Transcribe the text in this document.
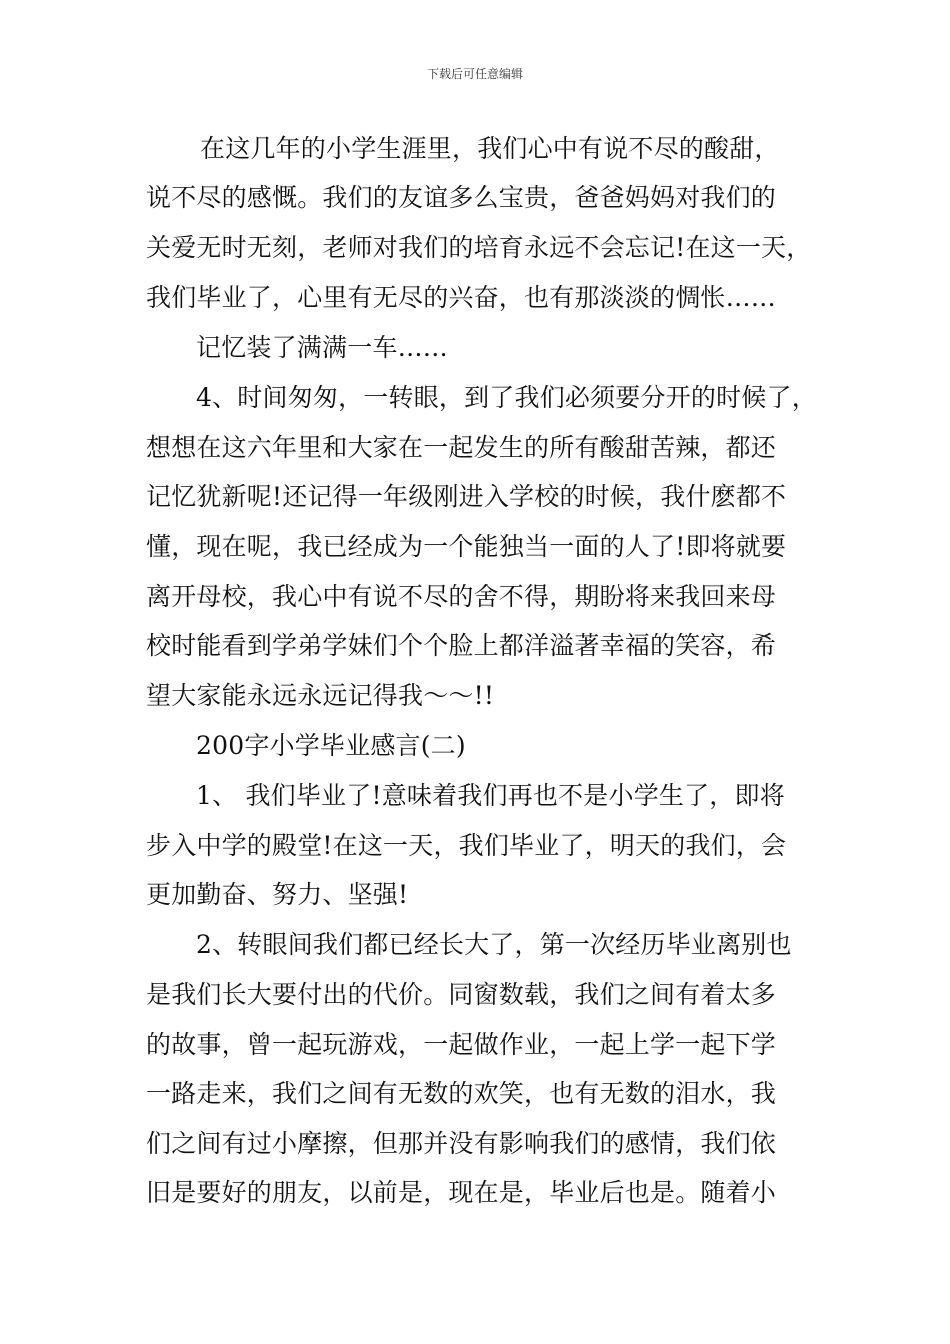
下载后可任意编辑
在这几年的小学生涯里，我们心中有说不尽的酸甜，
说不尽的感慨。我们的友谊多么宝贵，爸爸妈妈对我们的
关爱无时无刻，老师对我们的培育永远不会忘记!在这一天，
我们毕业了，心里有无尽的兴奋，也有那淡淡的惆怅……
记忆装了满满一车……
4、时间匆匆，一转眼，到了我们必须要分开的时候了，
想想在这六年里和大家在一起发生的所有酸甜苦辣，都还
记忆犹新呢!还记得一年级刚进入学校的时候，我什麽都不
懂，现在呢，我已经成为一个能独当一面的人了!即将就要
离开母校，我心中有说不尽的舍不得，期盼将来我回来母
校时能看到学弟学妹们个个脸上都洋溢著幸福的笑容，希
望大家能永远永远记得我～～!!
200字小学毕业感言(二)
1、 我们毕业了!意味着我们再也不是小学生了，即将
步入中学的殿堂!在这一天，我们毕业了，明天的我们，会
更加勤奋、努力、坚强!
2、转眼间我们都已经长大了，第一次经历毕业离别也
是我们长大要付出的代价。同窗数载，我们之间有着太多
的故事，曾一起玩游戏，一起做作业，一起上学一起下学
一路走来，我们之间有无数的欢笑，也有无数的泪水，我
们之间有过小摩擦，但那并没有影响我们的感情，我们依
旧是要好的朋友，以前是，现在是，毕业后也是。随着小
